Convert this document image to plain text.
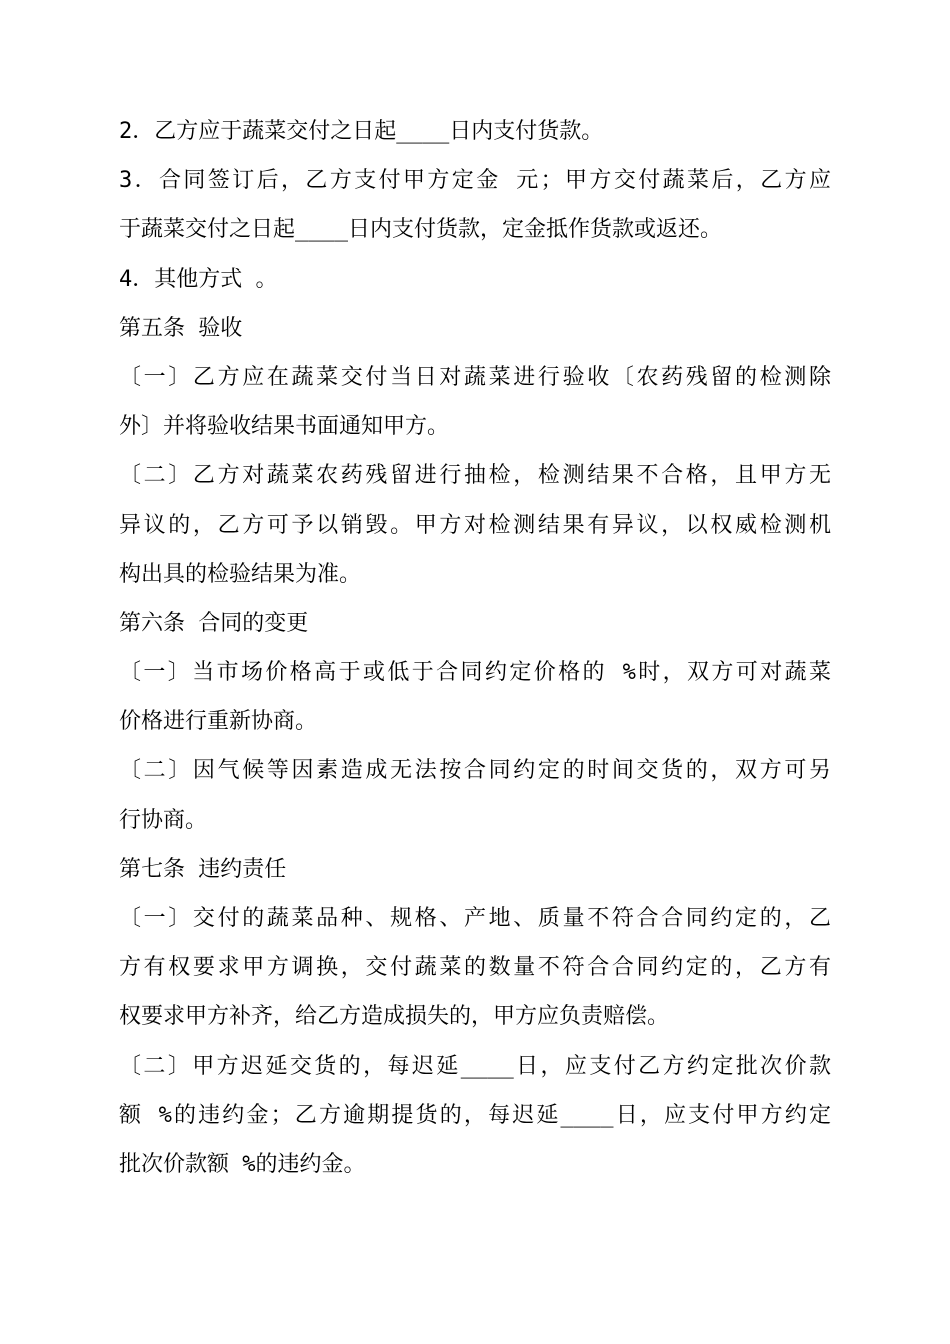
2．乙方应于蔬菜交付之日起____日内支付货款。
3．合同签订后，乙方支付甲方定金 元；甲方交付蔬菜后，乙方应
于蔬菜交付之日起____日内支付货款，定金抵作货款或返还。
4．其他方式 。
第五条 验收
〔一〕乙方应在蔬菜交付当日对蔬菜进行验收〔农药残留的检测除
外〕并将验收结果书面通知甲方。
〔二〕乙方对蔬菜农药残留进行抽检，检测结果不合格，且甲方无
异议的，乙方可予以销毁。甲方对检测结果有异议，以权威检测机
构出具的检验结果为准。
第六条 合同的变更
〔一〕当市场价格高于或低于合同约定价格的 %时，双方可对蔬菜
价格进行重新协商。
〔二〕因气候等因素造成无法按合同约定的时间交货的，双方可另
行协商。
第七条 违约责任
〔一〕交付的蔬菜品种、规格、产地、质量不符合合同约定的，乙
方有权要求甲方调换，交付蔬菜的数量不符合合同约定的，乙方有
权要求甲方补齐，给乙方造成损失的，甲方应负责赔偿。
〔二〕甲方迟延交货的，每迟延____日，应支付乙方约定批次价款
额 %的违约金；乙方逾期提货的，每迟延____日，应支付甲方约定
批次价款额 %的违约金。
